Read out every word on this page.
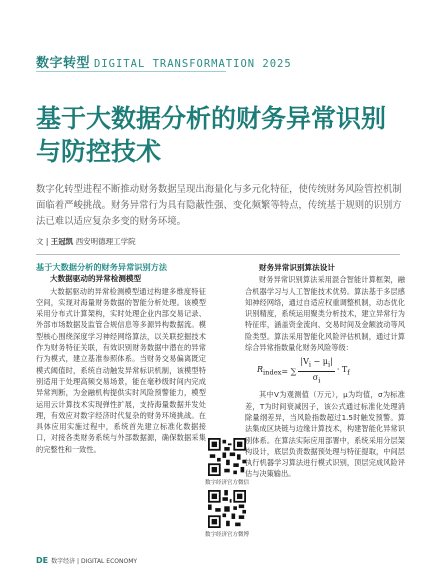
数字转型 DIGITAL TRANSFORMATION 2025
基于大数据分析的财务异常识别与防控技术
数字化转型进程不断推动财务数据呈现出海量化与多元化特征，使传统财务风险管控机制面临着严峻挑战。财务异常行为具有隐蔽性强、变化频繁等特点，传统基于规则的识别方法已难以适应复杂多变的财务环境。
文 | 王冠凯 西安明德理工学院
基于大数据分析的财务异常识别方法
大数据驱动的异常检测模型

大数据驱动的异常检测模型通过构建多维度特征空间，实现对海量财务数据的智能分析处理。该模型采用分布式计算架构，实时处理企业内部交易记录、外部市场数据及监管合规信息等多源异构数据流。模型核心围绕深度学习神经网络算法，以关联挖掘技术作为财务特征关联，有效识别财务数据中潜在的异常行为模式，建立基准参照体系。当财务交易偏离既定模式阈值时，系统自动触发异常标识机制，该模型特别适用于处理高频交易场景，能在毫秒级时间内完成异常判断，为金融机构提供实时风险预警能力，模型运用云计算技术实现弹性扩展，支持海量数据并发处理，有效应对数字经济时代复杂的财务环境挑战。在具体应用实施过程中，系统首先建立标准化数据接口，对接各类财务系统与外部数据源，确保数据采集的完整性和一致性。

数字经济官方微信
数字经济官方微博
财务异常识别算法设计

财务异常识别算法采用混合智能计算框架，融合机器学习与人工智能技术优势。算法基于多层感知神经网络，通过自适应权重调整机制，动态优化识别精度，系统运用聚类分析技术，建立异常行为特征库，涵盖资金流向、交易时间及金额波动等风险类型。算法采用智能化风险评估机制，通过计算综合异常指数量化财务风险等级：

$R_{index}$ = ∑ $\frac{|V_i - \mu_i|}{\sigma_i} \cdot T_f$

其中V为观测值（万元），μ为均值，σ为标准差，T为时间衰减因子，该公式通过标准化处理消除量纲差异，当风险指数超过1.5时触发预警。算法集成区块链与边缘计算技术，构建智能化异常识别体系。在算法实际应用部署中，系统采用分层架构设计，底层负责数据预处理与特征提取，中间层执行机器学习算法进行模式识别，顶层完成风险评估与决策输出。

DE 数字经济 | DIGITAL ECONOMY
